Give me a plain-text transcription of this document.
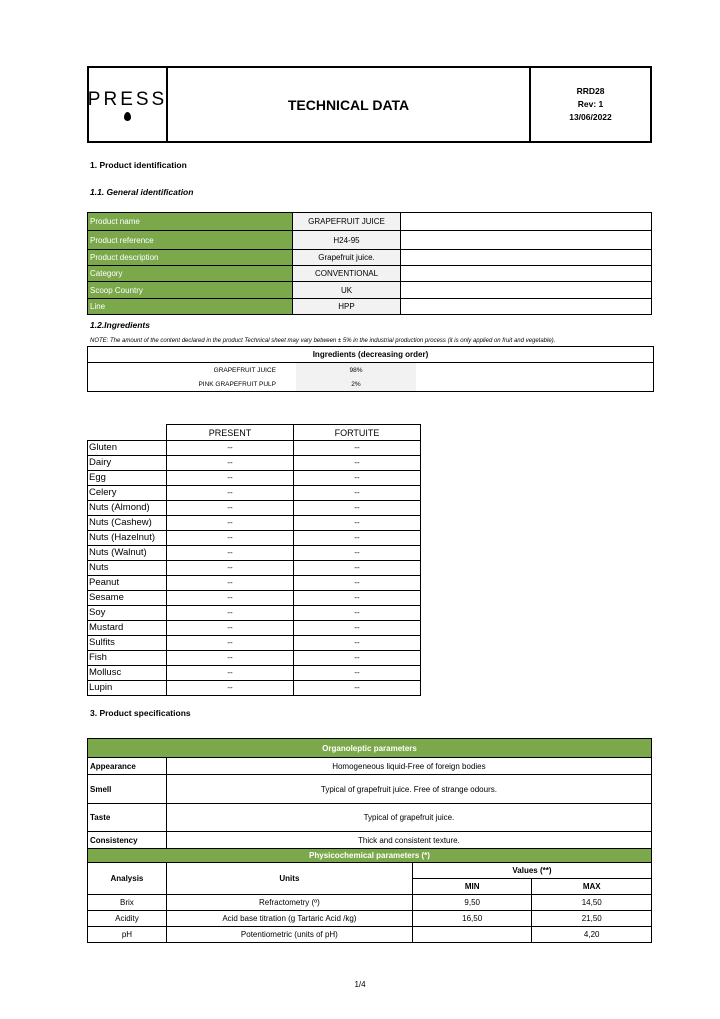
PRESS	TECHNICAL DATA
RRD28
Rev: 1
13/06/2022
1. Product identification
1.1. General identification
Product name	GRAPEFRUIT JUICE	
Product reference	H24-95	
Product description	Grapefruit juice.	
Category	CONVENTIONAL	
Scoop Country	UK	
Line	HPP	
1.2.Ingredients
NOTE: The amount of the content declared in the product Technical sheet may vary between ± 5% in the industrial production process (it is only applied on fruit and vegetable).
Ingredients (decreasing order)
GRAPEFRUIT JUICE	98%	
PINK GRAPEFRUIT PULP	2%	
	PRESENT	FORTUITE
Gluten	--	--
Dairy	--	--
Egg	--	--
Celery	--	--
Nuts (Almond)	--	--
Nuts (Cashew)	--	--
Nuts (Hazelnut)	--	--
Nuts (Walnut)	--	--
Nuts	--	--
Peanut	--	--
Sesame	--	--
Soy	--	--
Mustard	--	--
Sulfits	--	--
Fish	--	--
Mollusc	--	--
Lupin	--	--
3. Product specifications
Organoleptic parameters			
Appearance	Homogeneous liquid-Free of foreign bodies		
Smell	Typical of grapefruit juice. Free of strange odours.		
Taste	Typical of grapefruit juice.		
Consistency	Thick and consistent texture.		
Physicochemical parameters (*)			
Analysis	Units	Values (**)	
		MIN	MAX
Brix	Refractometry (º)	9,50	14,50
Acidity	Acid base titration (g Tartaric Acid /kg)	16,50	21,50
pH	Potentiometric (units of pH)		4,20
1/4
